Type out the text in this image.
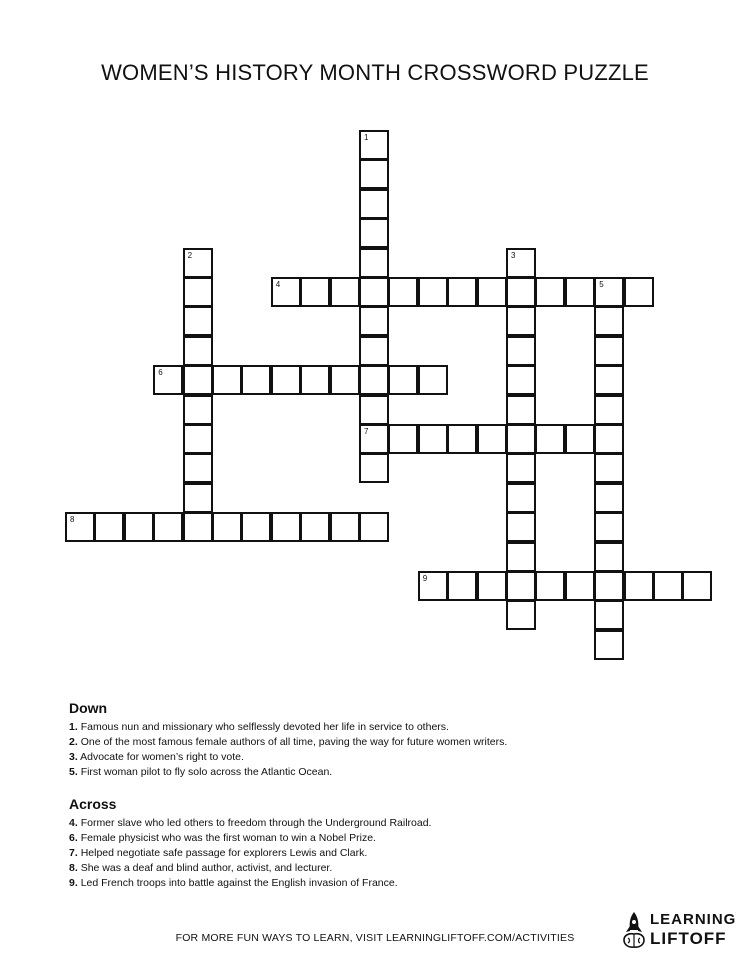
WOMEN’S HISTORY MONTH CROSSWORD PUZZLE
1
7
2	3
4	5
6
8
9
Down
1. Famous nun and missionary who selflessly devoted her life in service to others.
2. One of the most famous female authors of all time, paving the way for future women writers.
3. Advocate for women’s right to vote.
5. First woman pilot to fly solo across the Atlantic Ocean.
Across
4. Former slave who led others to freedom through the Underground Railroad.
6. Female physicist who was the first woman to win a Nobel Prize.
7. Helped negotiate safe passage for explorers Lewis and Clark.
8. She was a deaf and blind author, activist, and lecturer.
9. Led French troops into battle against the English invasion of France.
FOR MORE FUN WAYS TO LEARN, VISIT LEARNINGLIFTOFF.COM/ACTIVITIES
LEARNING
LIFTOFF
